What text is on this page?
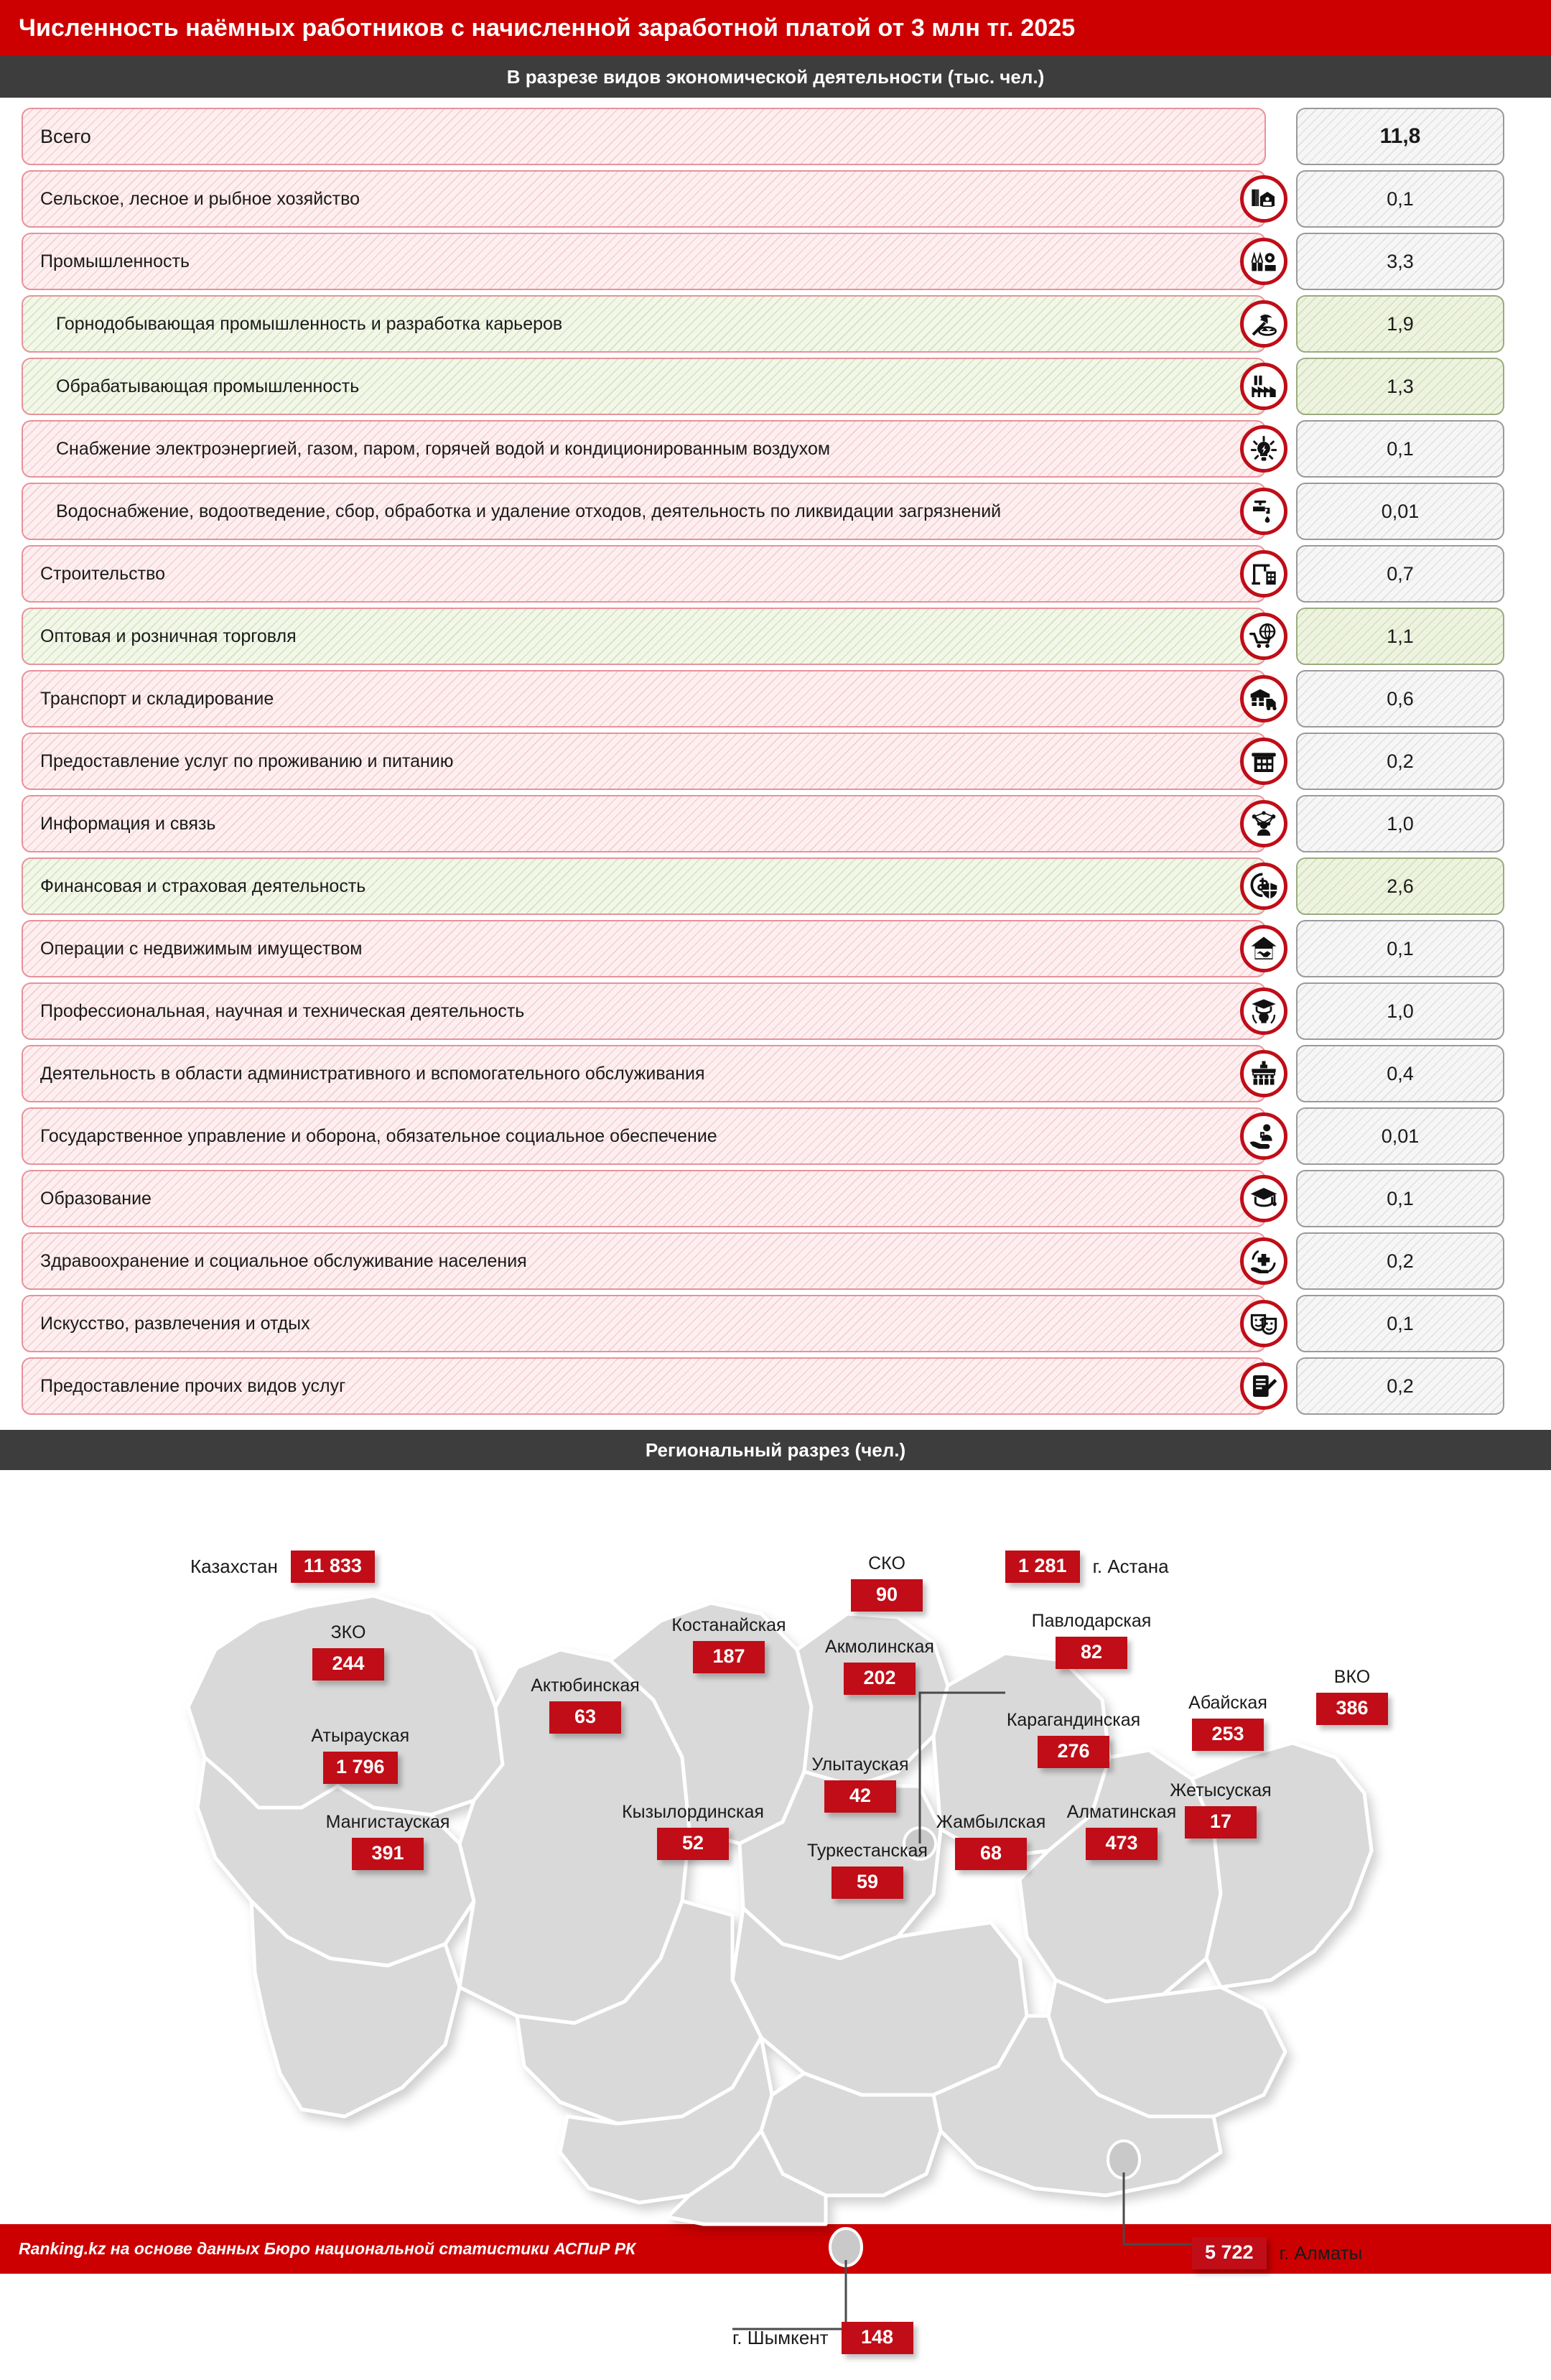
Численность наёмных работников с начисленной заработной платой от 3 млн тг. 2025
В разрезе видов экономической деятельности (тыс. чел.)
Всего	11,8
Сельское, лесное и рыбное хозяйство	0,1
Промышленность	3,3
Горнодобывающая промышленность и разработка карьеров	1,9
Обрабатывающая промышленность	1,3
Снабжение электроэнергией, газом, паром, горячей водой и кондиционированным воздухом	0,1
Водоснабжение, водоотведение, сбор, обработка и удаление отходов, деятельность по ликвидации загрязнений	0,01
Строительство	0,7
Оптовая и розничная торговля	1,1
Транспорт и складирование	0,6
Предоставление услуг по проживанию и питанию	0,2
Информация и связь	1,0
Финансовая и страховая деятельность	2,6
Операции с недвижимым имуществом	0,1
Профессиональная, научная и техническая деятельность	1,0
Деятельность в области административного и вспомогательного обслуживания	0,4
Государственное управление и оборона, обязательное социальное обеспечение	0,01
Образование	0,1
Здравоохранение и социальное обслуживание населения	0,2
Искусство, развлечения и отдых	0,1
Предоставление прочих видов услуг	0,2
Региональный разрез (чел.)
Казахстан	11 833
90
СКО	1 281	г. Астана
187
Костанайская
202
Акмолинская	82
Павлодарская
244
ЗКО
386
ВКО
63
Актюбинская
253
Абайская
276
Карагандинская
1 796
Атырауская
42
Улытауская
17
Жетысуская
391
Мангистауская
52
Кызылординская
68
Жамбылская
473
Алматинская
59
Туркестанская
5 722	г. Алматы
г. Шымкент	148
Ranking.kz на основе данных Бюро национальной статистики АСПиР РК
